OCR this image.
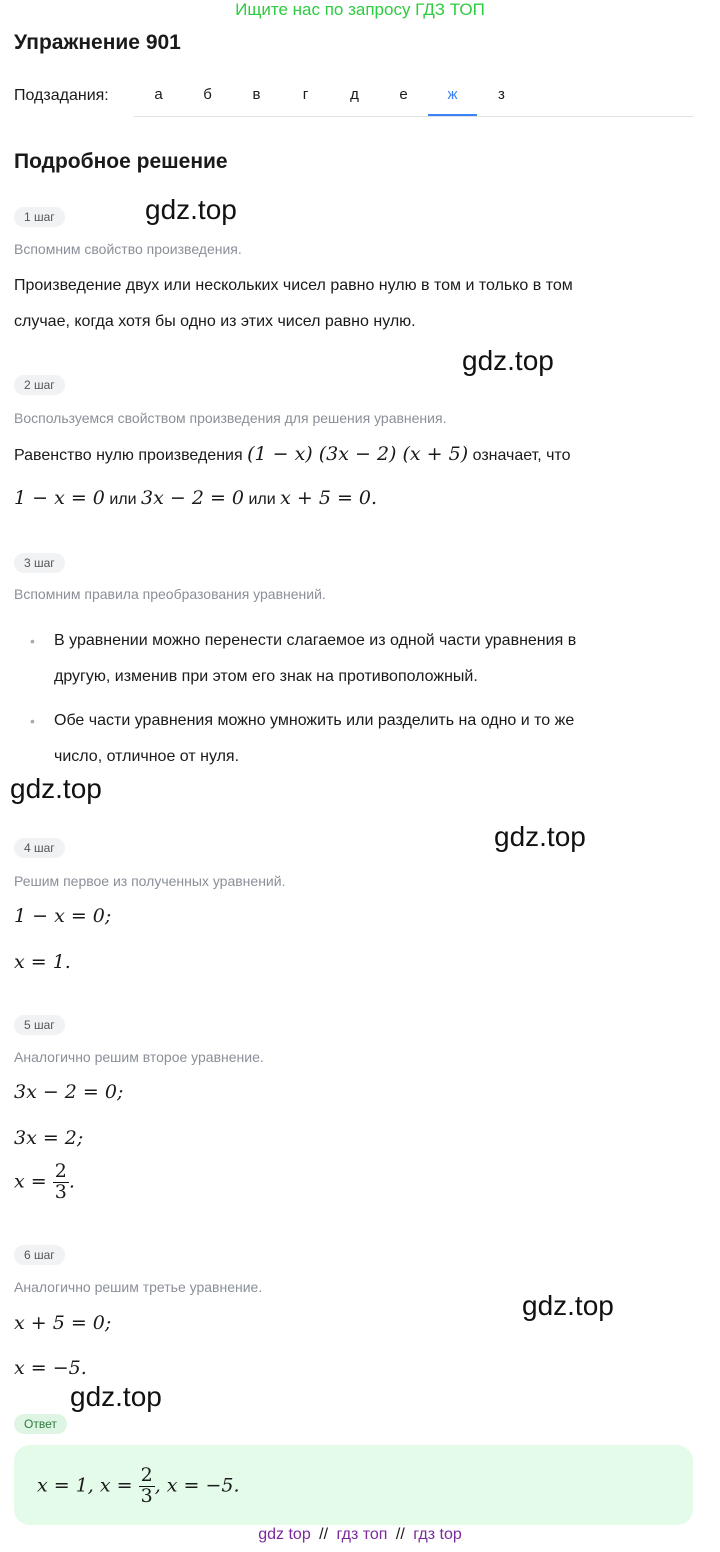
Ищите нас по запросу ГДЗ ТОП
Упражнение 901
Подзадания:	а	б	в	г	д	е	ж	з
Подробное решение
1 шаг	gdz.top
Вспомним свойство произведения.
Произведение двух или нескольких чисел равно нулю в том и только в том
случае, когда хотя бы одно из этих чисел равно нулю.
gdz.top
2 шаг
Воспользуемся свойством произведения для решения уравнения.
Равенство нулю произведения (1 − x) (3x − 2) (x + 5) означает, что
1 − x = 0 или 3x − 2 = 0 или x + 5 = 0.
3 шаг
Вспомним правила преобразования уравнений.
•	В уравнении можно перенести слагаемое из одной части уравнения в
другую, изменив при этом его знак на противоположный.
•	Обе части уравнения можно умножить или разделить на одно и то же
число, отличное от нуля.
gdz.top
gdz.top
4 шаг
Решим первое из полученных уравнений.
1 − x = 0;
x = 1.
5 шаг
Аналогично решим второе уравнение.
3x − 2 = 0;
3x = 2;
$x = \frac{2}{3}$ .
6 шаг
Аналогично решим третье уравнение.
gdz.top
x + 5 = 0;
x = −5.
gdz.top
Ответ
x = 1, $x = \frac{2}{3}$ , x = −5.
gdz top // гдз топ // гдз top
